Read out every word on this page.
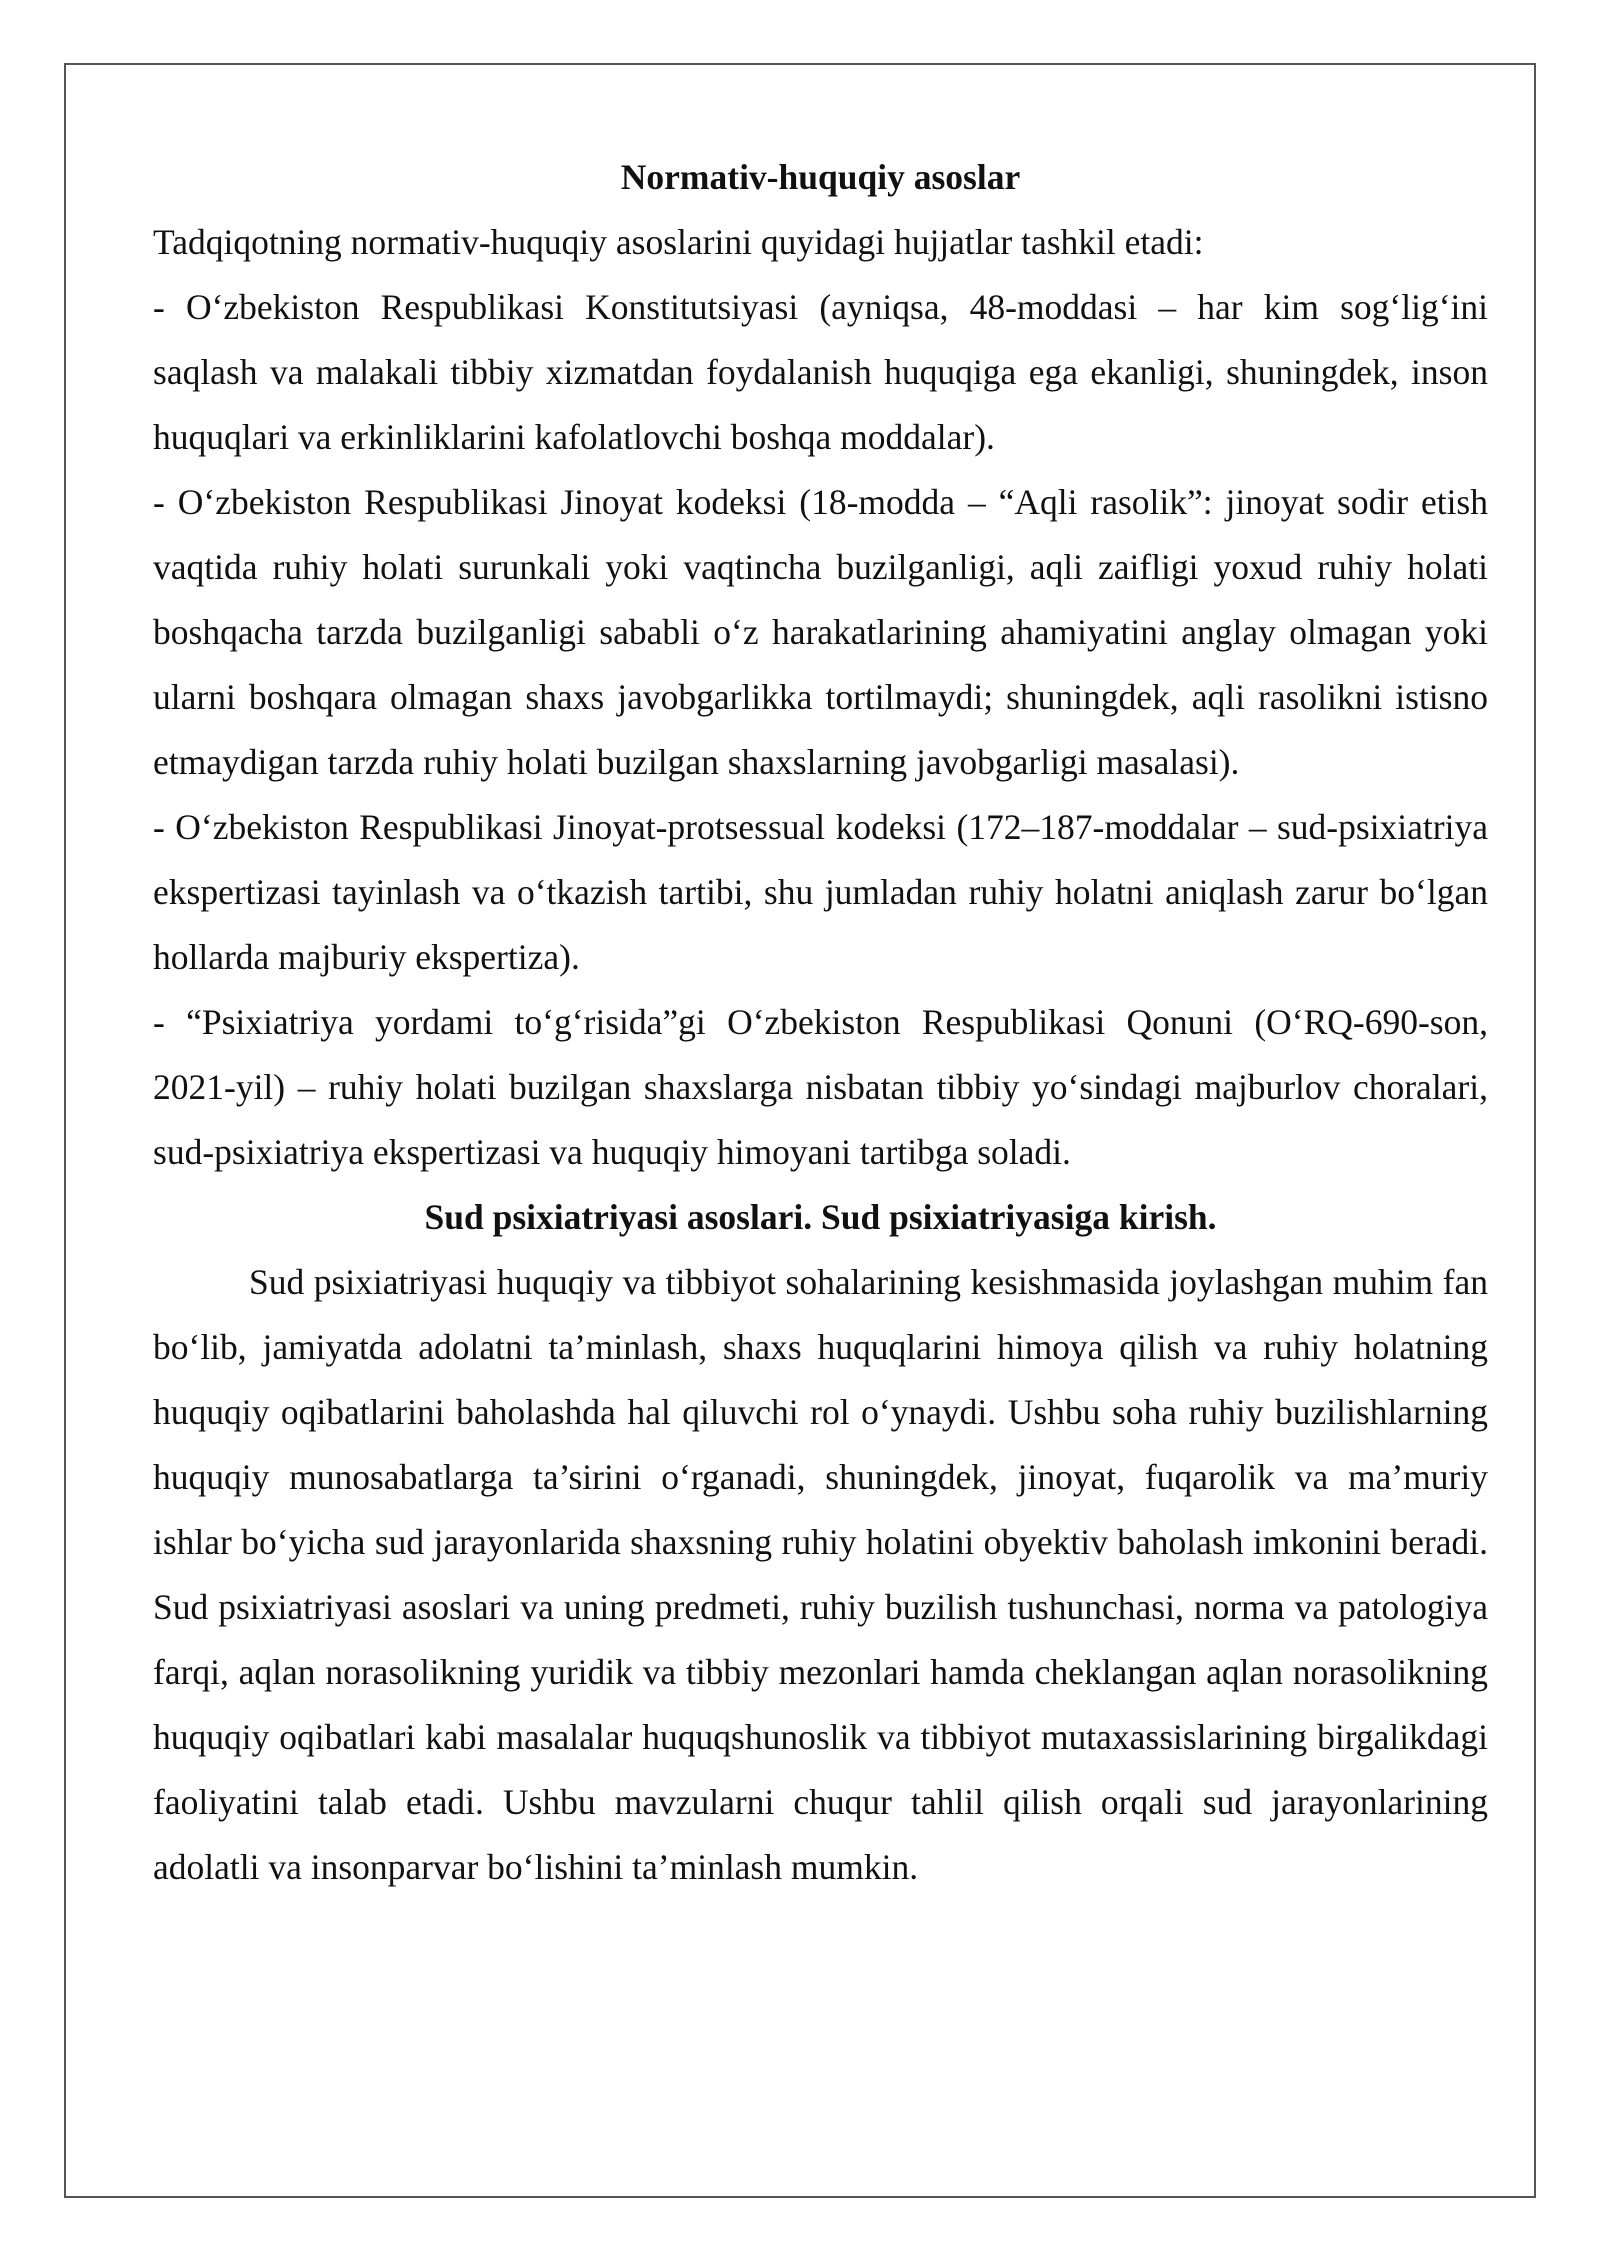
Normativ-huquqiy asoslar

Tadqiqotning normativ-huquqiy asoslarini quyidagi hujjatlar tashkil etadi:

- O‘zbekiston Respublikasi Konstitutsiyasi (ayniqsa, 48-moddasi – har kim sog‘lig‘ini saqlash va malakali tibbiy xizmatdan foydalanish huquqiga ega ekanligi, shuningdek, inson huquqlari va erkinliklarini kafolatlovchi boshqa moddalar).

- O‘zbekiston Respublikasi Jinoyat kodeksi (18-modda – “Aqli rasolik”: jinoyat sodir etish vaqtida ruhiy holati surunkali yoki vaqtincha buzilganligi, aqli zaifligi yoxud ruhiy holati boshqacha tarzda buzilganligi sababli o‘z harakatlarining ahamiyatini anglay olmagan yoki ularni boshqara olmagan shaxs javobgarlikka tortilmaydi; shuningdek, aqli rasolikni istisno etmaydigan tarzda ruhiy holati buzilgan shaxslarning javobgarligi masalasi).

- O‘zbekiston Respublikasi Jinoyat-protsessual kodeksi (172–187-moddalar – sud-psixiatriya ekspertizasi tayinlash va o‘tkazish tartibi, shu jumladan ruhiy holatni aniqlash zarur bo‘lgan hollarda majburiy ekspertiza).

- “Psixiatriya yordami to‘g‘risida”gi O‘zbekiston Respublikasi Qonuni (O‘RQ-690-son, 2021-yil) – ruhiy holati buzilgan shaxslarga nisbatan tibbiy yo‘sindagi majburlov choralari, sud-psixiatriya ekspertizasi va huquqiy himoyani tartibga soladi.

Sud psixiatriyasi asoslari. Sud psixiatriyasiga kirish.

Sud psixiatriyasi huquqiy va tibbiyot sohalarining kesishmasida joylashgan muhim fan bo‘lib, jamiyatda adolatni ta’minlash, shaxs huquqlarini himoya qilish va ruhiy holatning huquqiy oqibatlarini baholashda hal qiluvchi rol o‘ynaydi. Ushbu soha ruhiy buzilishlarning huquqiy munosabatlarga ta’sirini o‘rganadi, shuningdek, jinoyat, fuqarolik va ma’muriy ishlar bo‘yicha sud jarayonlarida shaxsning ruhiy holatini obyektiv baholash imkonini beradi. Sud psixiatriyasi asoslari va uning predmeti, ruhiy buzilish tushunchasi, norma va patologiya farqi, aqlan norasolikning yuridik va tibbiy mezonlari hamda cheklangan aqlan norasolikning huquqiy oqibatlari kabi masalalar huquqshunoslik va tibbiyot mutaxassislarining birgalikdagi faoliyatini talab etadi. Ushbu mavzularni chuqur tahlil qilish orqali sud jarayonlarining adolatli va insonparvar bo‘lishini ta’minlash mumkin.
